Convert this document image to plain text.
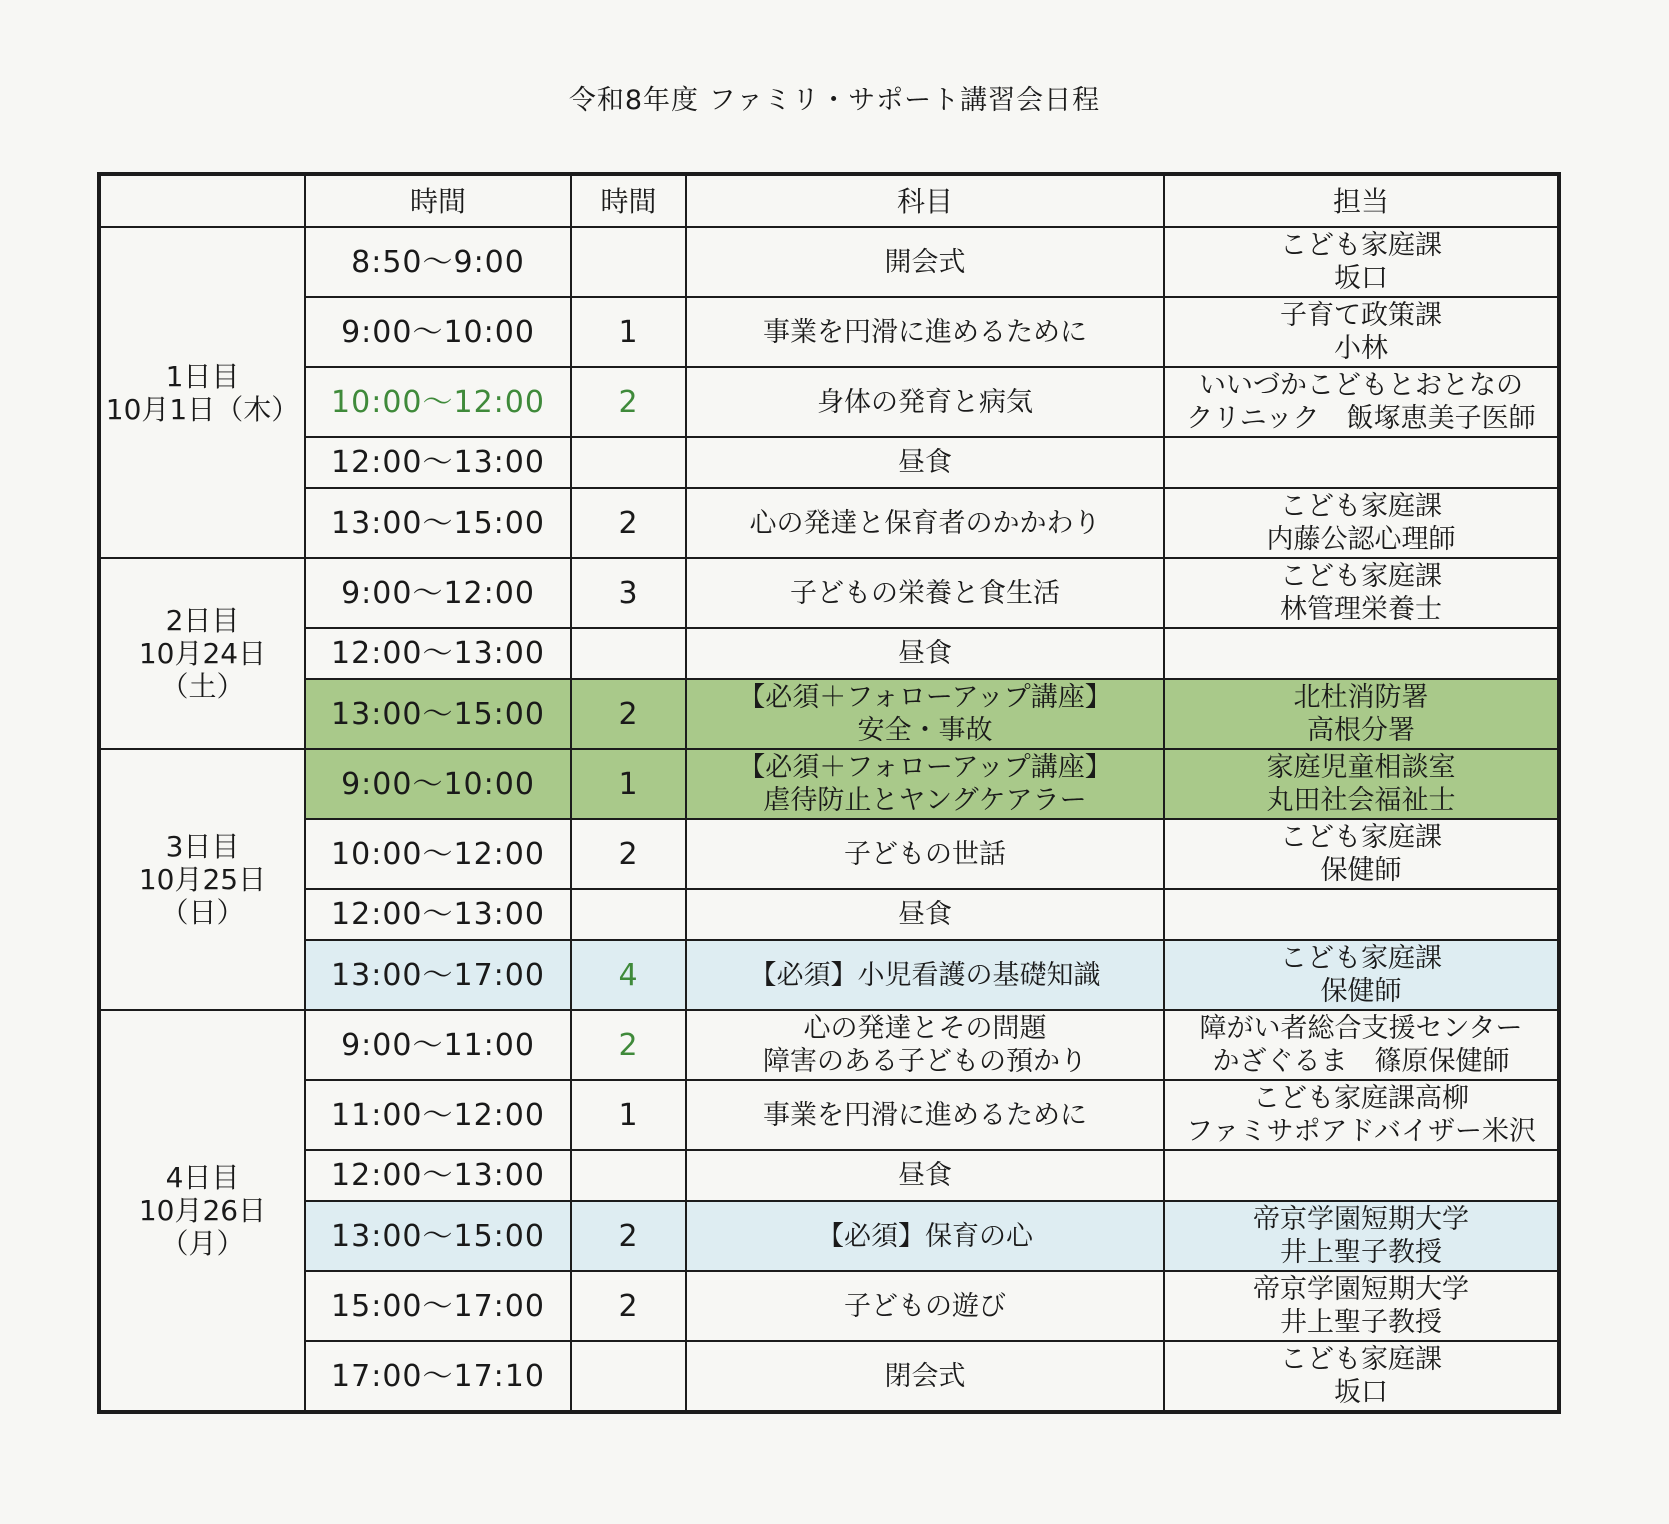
令和8年度 ファミリ・サポート講習会日程
	時間	時間	科目	担当

1日目
10月1日（木）	8:50～9:00		開会式	こども家庭課
坂口

	9:00～10:00	1	事業を円滑に進めるために	子育て政策課
小林

	10:00～12:00	2	身体の発育と病気	いいづかこどもとおとなの
クリニック　飯塚恵美子医師

	12:00～13:00		昼食	

	13:00～15:00	2	心の発達と保育者のかかわり	こども家庭課
内藤公認心理師

2日目
10月24日
（土）	9:00～12:00	3	子どもの栄養と食生活	こども家庭課
林管理栄養士

	12:00～13:00		昼食	

	13:00～15:00	2	【必須＋フォローアップ講座】
安全・事故	北杜消防署
高根分署

3日目
10月25日
（日）	9:00～10:00	1	【必須＋フォローアップ講座】
虐待防止とヤングケアラー	家庭児童相談室
丸田社会福祉士

	10:00～12:00	2	子どもの世話	こども家庭課
保健師

	12:00～13:00		昼食	

	13:00～17:00	4	【必須】小児看護の基礎知識	こども家庭課
保健師

4日目
10月26日
（月）	9:00～11:00	2	心の発達とその問題
障害のある子どもの預かり	障がい者総合支援センター
かざぐるま　篠原保健師

	11:00～12:00	1	事業を円滑に進めるために	こども家庭課高柳
ファミサポアドバイザー米沢

	12:00～13:00		昼食	

	13:00～15:00	2	【必須】保育の心	帝京学園短期大学
井上聖子教授

	15:00～17:00	2	子どもの遊び	帝京学園短期大学
井上聖子教授

	17:00～17:10		閉会式	こども家庭課
坂口
